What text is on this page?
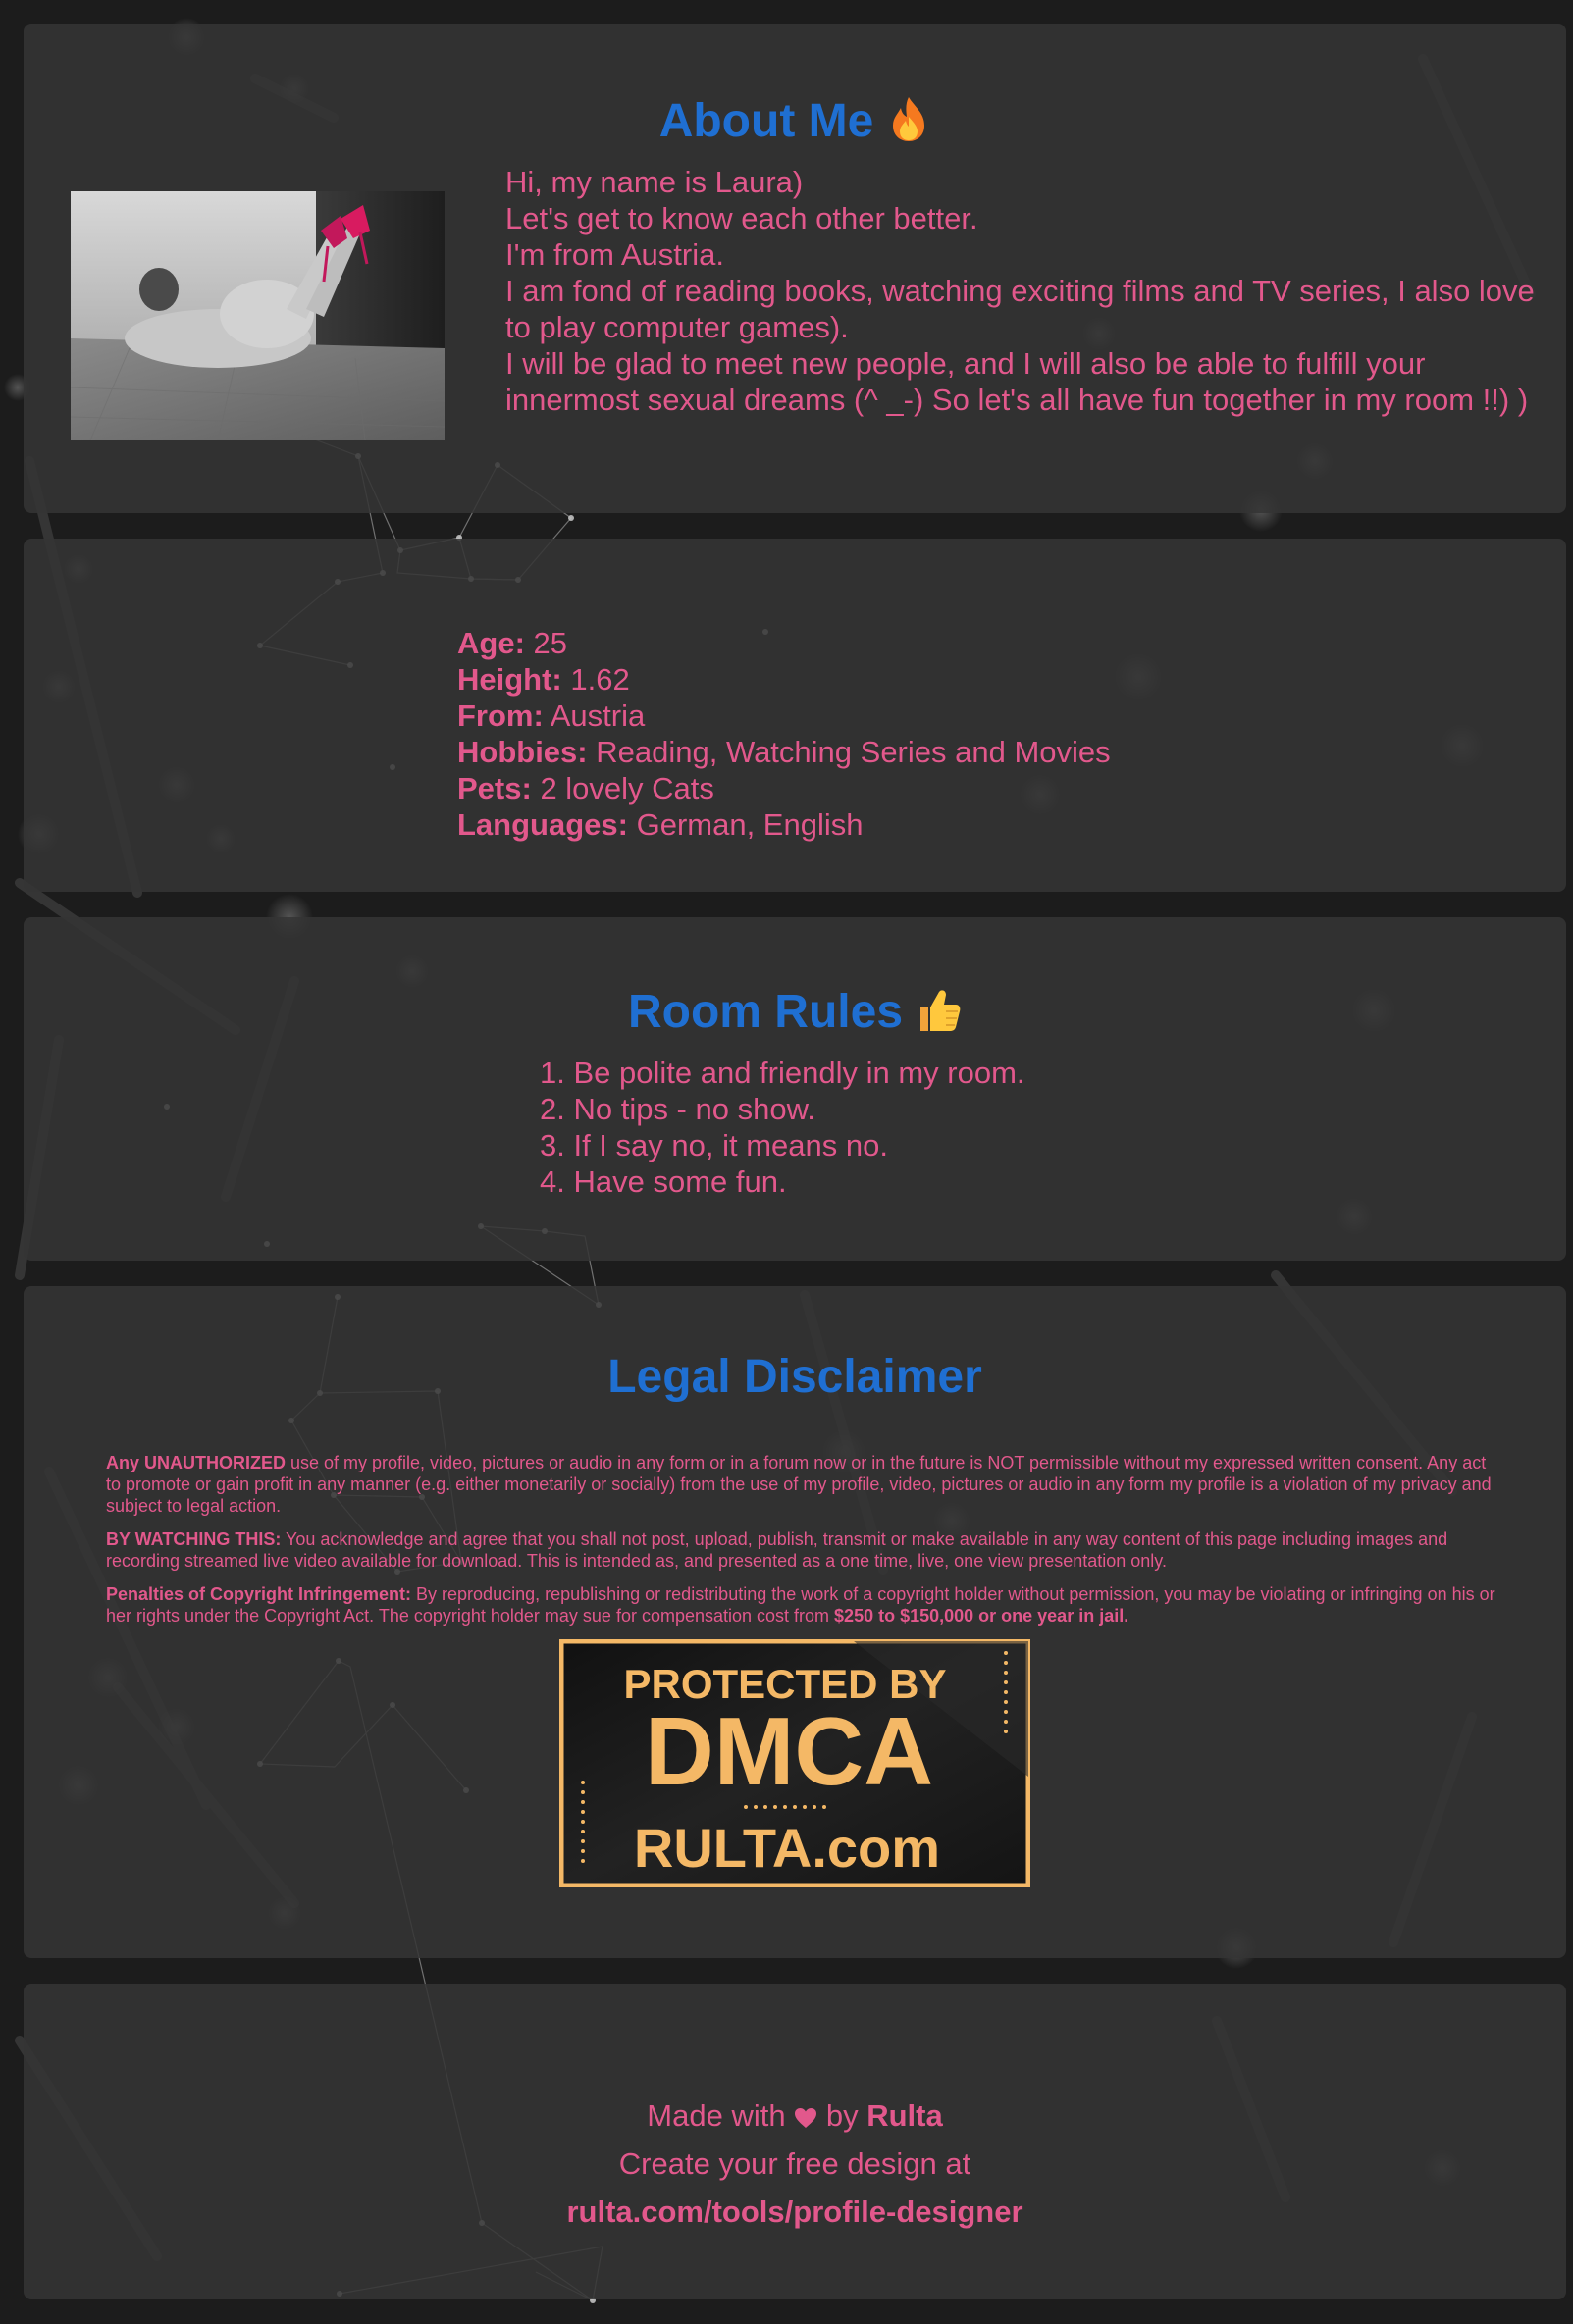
About Me
Hi, my name is Laura)
Let's get to know each other better.
I'm from Austria.
I am fond of reading books, watching exciting films and TV series, I also love to play computer games).
I will be glad to meet new people, and I will also be able to fulfill your innermost sexual dreams (^ _-) So let's all have fun together in my room !!) )
Age: 25
Height: 1.62
From: Austria
Hobbies: Reading, Watching Series and Movies
Pets: 2 lovely Cats
Languages: German, English
Room Rules
1. Be polite and friendly in my room.
2. No tips - no show.
3. If I say no, it means no.
4. Have some fun.
Legal Disclaimer

Any UNAUTHORIZED use of my profile, video, pictures or audio in any form or in a forum now or in the future is NOT permissible without my expressed written consent. Any act to promote or gain profit in any manner (e.g. either monetarily or socially) from the use of my profile, video, pictures or audio in any form my profile is a violation of my privacy and subject to legal action.

BY WATCHING THIS: You acknowledge and agree that you shall not post, upload, publish, transmit or make available in any way content of this page including images and recording streamed live video available for download. This is intended as, and presented as a one time, live, one view presentation only.

Penalties of Copyright Infringement: By reproducing, republishing or redistributing the work of a copyright holder without permission, you may be violating or infringing on his or her rights under the Copyright Act. The copyright holder may sue for compensation cost from $250 to $150,000 or one year in jail.

PROTECTED BY
DMCA
RULTA.com
Made with by Rulta
Create your free design at
rulta.com/tools/profile-designer
